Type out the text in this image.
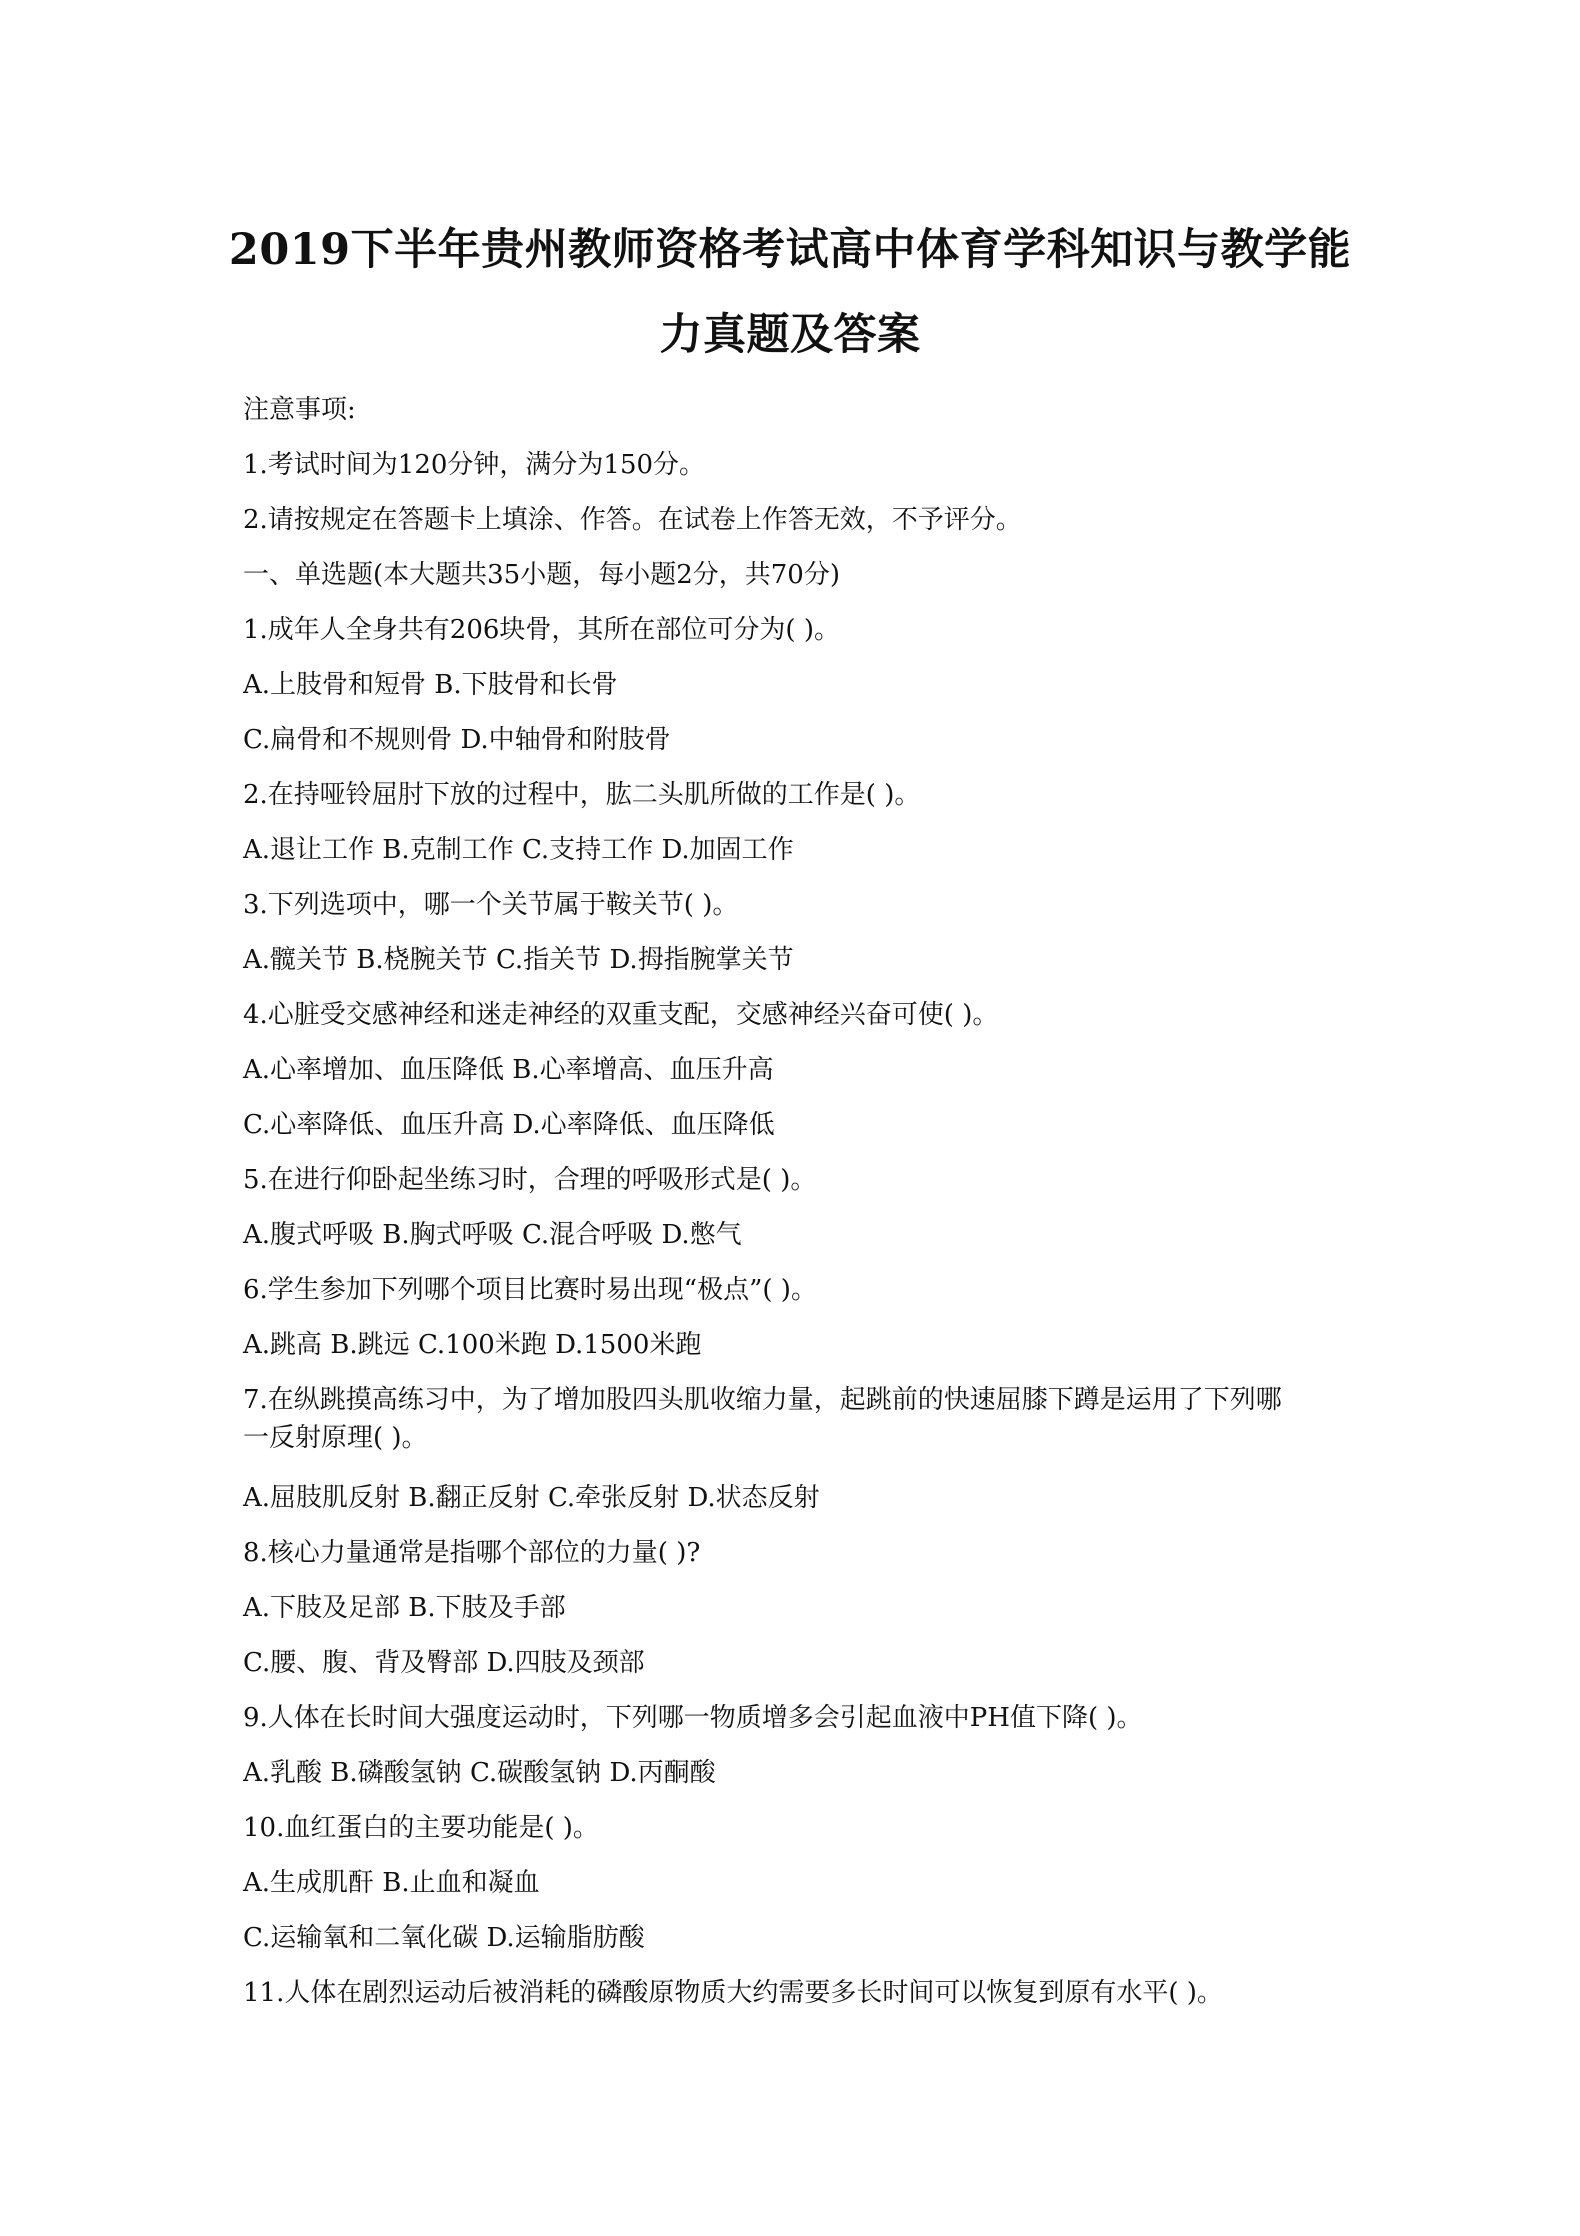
2019下半年贵州教师资格考试高中体育学科知识与教学能
力真题及答案

注意事项:

1.考试时间为120分钟，满分为150分。

2.请按规定在答题卡上填涂、作答。在试卷上作答无效，不予评分。

一、单选题(本大题共35小题，每小题2分，共70分)

1.成年人全身共有206块骨，其所在部位可分为( )。

A.上肢骨和短骨 B.下肢骨和长骨

C.扁骨和不规则骨 D.中轴骨和附肢骨

2.在持哑铃屈肘下放的过程中，肱二头肌所做的工作是( )。

A.退让工作 B.克制工作 C.支持工作 D.加固工作

3.下列选项中，哪一个关节属于鞍关节( )。

A.髋关节 B.桡腕关节 C.指关节 D.拇指腕掌关节

4.心脏受交感神经和迷走神经的双重支配，交感神经兴奋可使( )。

A.心率增加、血压降低 B.心率增高、血压升高

C.心率降低、血压升高 D.心率降低、血压降低

5.在进行仰卧起坐练习时，合理的呼吸形式是( )。

A.腹式呼吸 B.胸式呼吸 C.混合呼吸 D.憋气

6.学生参加下列哪个项目比赛时易出现“极点”( )。

A.跳高 B.跳远 C.100米跑 D.1500米跑

7.在纵跳摸高练习中，为了增加股四头肌收缩力量，起跳前的快速屈膝下蹲是运用了下列哪

一反射原理( )。

A.屈肢肌反射 B.翻正反射 C.牵张反射 D.状态反射

8.核心力量通常是指哪个部位的力量( )?

A.下肢及足部 B.下肢及手部

C.腰、腹、背及臀部 D.四肢及颈部

9.人体在长时间大强度运动时，下列哪一物质增多会引起血液中PH值下降( )。

A.乳酸 B.磷酸氢钠 C.碳酸氢钠 D.丙酮酸

10.血红蛋白的主要功能是( )。

A.生成肌酐 B.止血和凝血

C.运输氧和二氧化碳 D.运输脂肪酸

11.人体在剧烈运动后被消耗的磷酸原物质大约需要多长时间可以恢复到原有水平( )。
